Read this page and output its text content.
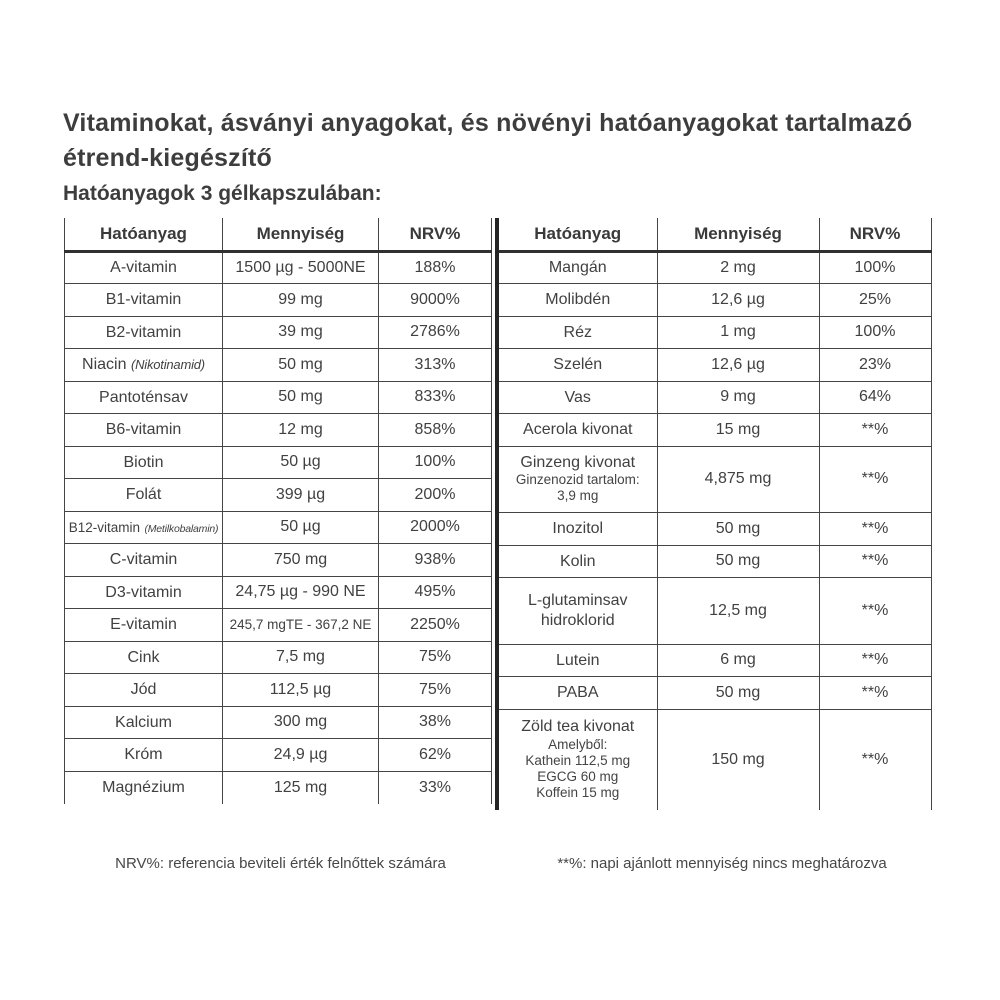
Vitaminokat, ásványi anyagokat, és növényi hatóanyagokat tartalmazó
étrend-kiegészítő
Hatóanyagok 3 gélkapszulában:
Hatóanyag	Mennyiség	NRV%
A-vitamin	1500 µg - 5000NE	188%
B1-vitamin	99 mg	9000%
B2-vitamin	39 mg	2786%
Niacin (Nikotinamid)	50 mg	313%
Pantoténsav	50 mg	833%
B6-vitamin	12 mg	858%
Biotin	50 µg	100%
Folát	399 µg	200%
B12-vitamin (Metilkobalamin)	50 µg	2000%
C-vitamin	750 mg	938%
D3-vitamin	24,75 µg - 990 NE	495%
E-vitamin	245,7 mgTE - 367,2 NE	2250%
Cink	7,5 mg	75%
Jód	112,5 µg	75%
Kalcium	300 mg	38%
Króm	24,9 µg	62%
Magnézium	125 mg	33%
Hatóanyag	Mennyiség	NRV%
Mangán	2 mg	100%
Molibdén	12,6 µg	25%
Réz	1 mg	100%
Szelén	12,6 µg	23%
Vas	9 mg	64%
Acerola kivonat	15 mg	**%

Ginzeng kivonat
Ginzenozid tartalom:
3,9 mg	4,875 mg	**%
Inozitol	50 mg	**%
Kolin	50 mg	**%
L-glutaminsav hidroklorid	12,5 mg	**%
Lutein	6 mg	**%
PABA	50 mg	**%

Zöld tea kivonat
Amelyből:
Kathein 112,5 mg
EGCG 60 mg
Koffein 15 mg	150 mg	**%
NRV%: referencia beviteli érték felnőttek számára	**%: napi ajánlott mennyiség nincs meghatározva
